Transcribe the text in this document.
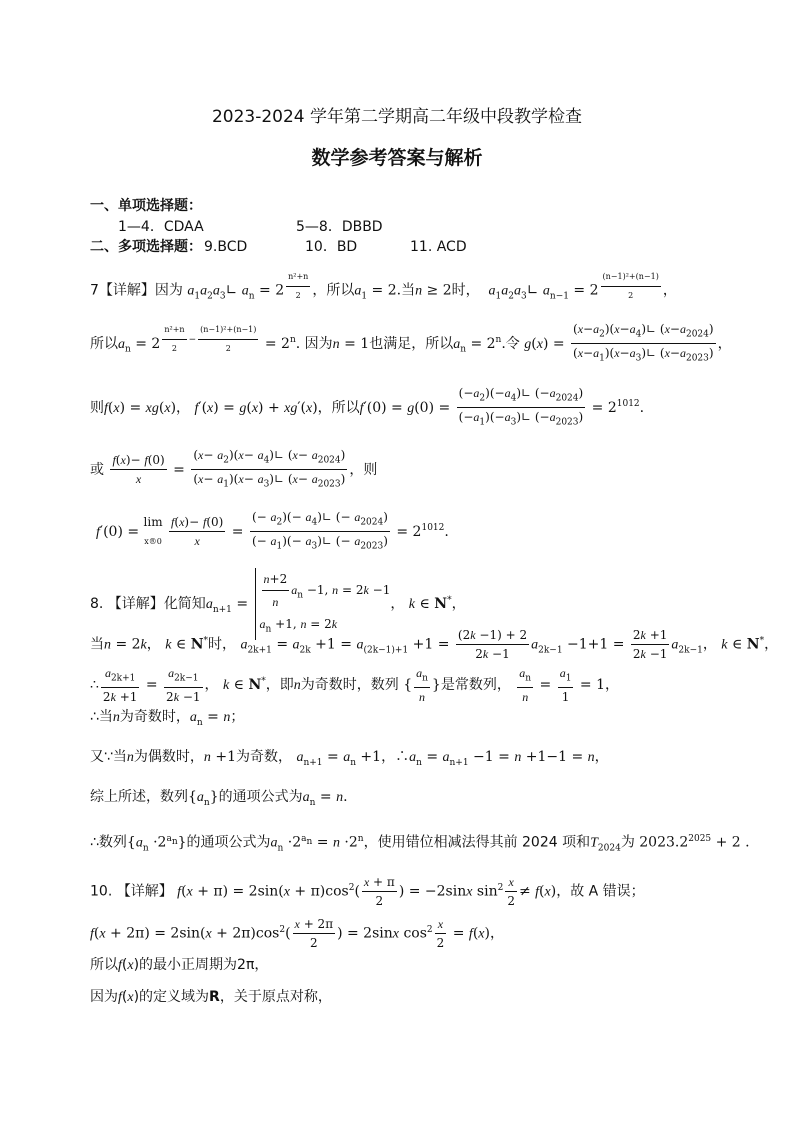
2023-2024 学年第二学期高二年级中段教学检查
数学参考答案与解析
一、单项选择题：
1—4．CDAA	5—8．DBBD
二、多项选择题： 9.BCD	10．BD	11. ACD
7【详解】因为 $a_1a_2a_3∟$ $a_n = 2$ $^{\frac{\text{n²+n}}{2}}$ ，所以$a_1 = 2$.当n ≥ 2时， $a_1a_2a_3∟$ $a_{n-1} = 2$ $^{\frac{\text{(n−1)²+(n−1)}}{2}}$ ，
所以$a_n = 2$ $^{\frac{\text{n²+n}}{2} - \frac{\text{(n−1)²+(n−1)}}{2}} = 2^n$. 因为n = 1也满足，所以$a_n = 2^n$.令 $g(x) = \frac{(x-a_2)(x-a_4)∟ (x-a_{2024})}{(x-a_1)(x-a_3)∟ (x-a_{2023})}$ ，
则f(x) = xg(x)， f′(x) = g(x) + xg′(x)，所以$f'(0) = g(0) = \frac{(-a_2)(-a_4)∟ (-a_{2024})}{(-a_1)(-a_3)∟ (-a_{2023})} = 2^{1012}$.
或 $\frac{f(x)- f(0)}{x} = \frac{(x- a_2)(x- a_4)∟ (x- a_{2024})}{(x- a_1)(x- a_3)∟ (x- a_{2023})}$ ，则
f′(0) = lim
x®0 $\frac{f(x)- f(0)}{x} = \frac{(- a_2)(- a_4)∟ (- a_{2024})}{(- a_1)(- a_3)∟ (- a_{2023})} = 2^{1012}$.
8. 【详解】化简知$a_{n+1} = \frac{n+2}{n} a_n -1$, n = 2k −1
$a_n +1$, n = 2k， k ∈ N*，
当n = 2k， k ∈ N*时， $a_{2k+1} = a_{2k} +1 = a_{(2k-1)+1} +1 = \frac{(2k -1) + 2}{2k -1} a_{2k-1} -1+1 = \frac{2k +1}{2k -1} a_{2k-1}$， k ∈ N*，
∴ $\frac{a_{2k+1}}{2k +1} = \frac{a_{2k-1}}{2k -1}$ ， k ∈ N*，即n为奇数时，数列 { $\frac{a_n}{n}$ }是常数列， $\frac{a_n}{n} = \frac{a_1}{1} = 1$，
∴当n为奇数时，$a_n = n$；
又∵当n为偶数时，n +1为奇数， $a_{n+1} = a_n +1$，$\therefore a_n = a_{n+1} -1 = n +1-1 = n$，
综上所述，数列$\{a_n\}$的通项公式为$a_n = n$.
∴数列$\{a_n \cdot 2^{a_n}\}$的通项公式为$a_n \cdot 2^{a_n} = n \cdot 2^n$，使用错位相减法得其前 2024 项和$T_{2024}$为 $2023.2^{2025} + 2$ .
10. 【详解】 $f(x + \pi) = 2\sin(x + \pi)\cos^2( \frac{x + \pi}{2}$ ) = −2sinx $\sin^2 \frac{x}{2} \ne f(x)$，故 A 错误；
$f(x + 2\pi) = 2\sin(x + 2\pi)\cos^2( \frac{x + 2\pi}{2}$ ) = 2sinx $\cos^2 \frac{x}{2} = f(x)$，
所以f(x)的最小正周期为2π，
因为f(x)的定义域为R，关于原点对称，
